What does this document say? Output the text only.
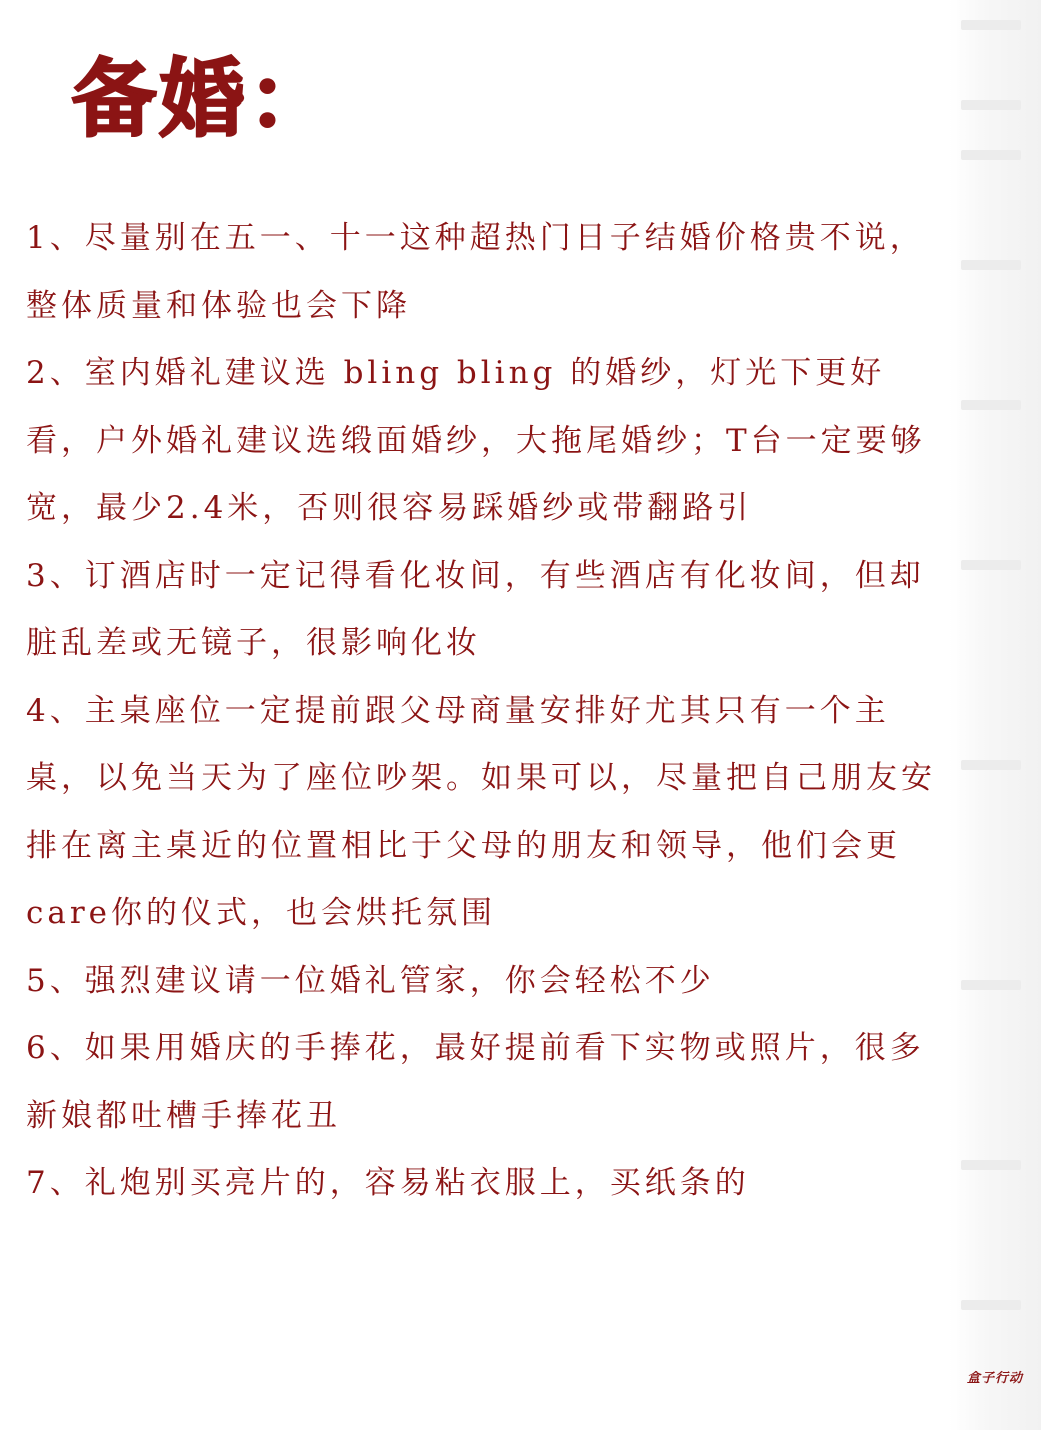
备婚：

1、尽量别在五一、十一这种超热门日子结婚价格贵不说，整体质量和体验也会下降

2、室内婚礼建议选 bling bling 的婚纱，灯光下更好看，户外婚礼建议选缎面婚纱，大拖尾婚纱；T台一定要够宽，最少2.4米，否则很容易踩婚纱或带翻路引

3、订酒店时一定记得看化妆间，有些酒店有化妆间，但却脏乱差或无镜子，很影响化妆

4、主桌座位一定提前跟父母商量安排好尤其只有一个主桌，以免当天为了座位吵架。如果可以，尽量把自己朋友安排在离主桌近的位置相比于父母的朋友和领导，他们会更care你的仪式，也会烘托氛围

5、强烈建议请一位婚礼管家，你会轻松不少

6、如果用婚庆的手捧花，最好提前看下实物或照片，很多新娘都吐槽手捧花丑

7、礼炮别买亮片的，容易粘衣服上，买纸条的

盒子行动
